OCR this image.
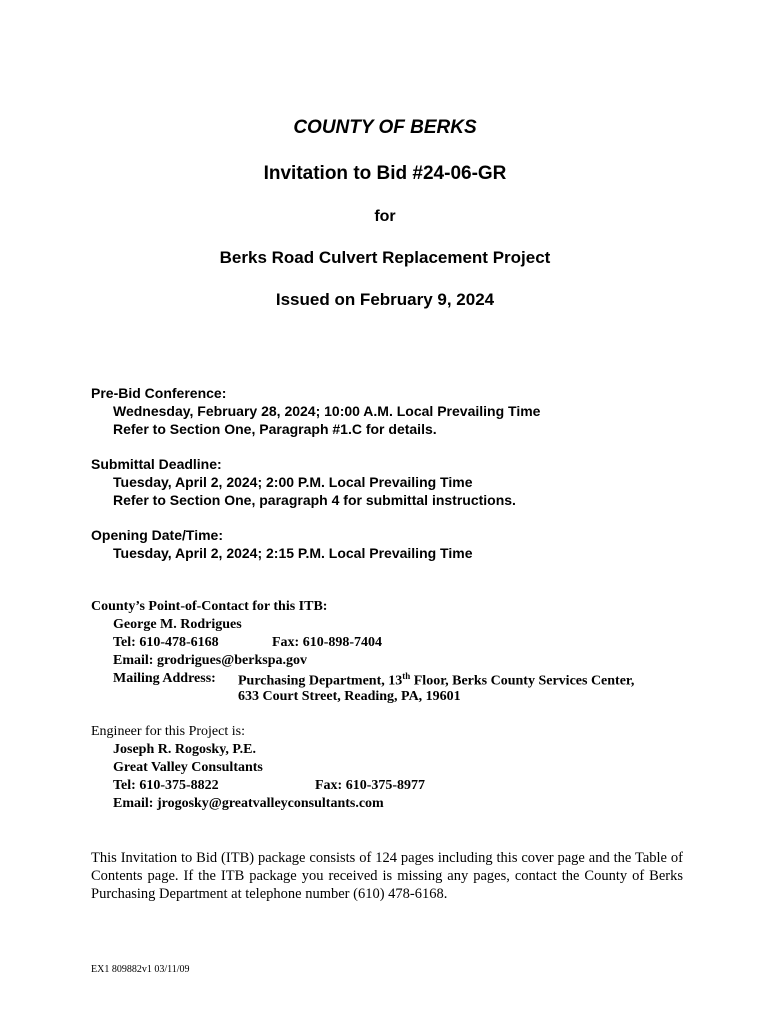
COUNTY OF BERKS
Invitation to Bid #24-06-GR
for
Berks Road Culvert Replacement Project
Issued on February 9, 2024
Pre-Bid Conference:
Wednesday, February 28, 2024; 10:00 A.M. Local Prevailing Time
Refer to Section One, Paragraph #1.C for details.
Submittal Deadline:
Tuesday, April 2, 2024; 2:00 P.M. Local Prevailing Time
Refer to Section One, paragraph 4 for submittal instructions.
Opening Date/Time:
Tuesday, April 2, 2024; 2:15 P.M. Local Prevailing Time
County’s Point-of-Contact for this ITB:
George M. Rodrigues
Tel: 610-478-6168	Fax: 610-898-7404
Email: grodrigues@berkspa.gov
Mailing Address: Purchasing Department, 13th Floor, Berks County Services Center,
633 Court Street, Reading, PA, 19601
Engineer for this Project is:
Joseph R. Rogosky, P.E.
Great Valley Consultants
Tel: 610-375-8822	Fax: 610-375-8977
Email: jrogosky@greatvalleyconsultants.com
This Invitation to Bid (ITB) package consists of 124 pages including this cover page and the Table of Contents page. If the ITB package you received is missing any pages, contact the County of Berks Purchasing Department at telephone number (610) 478-6168.
EX1 809882v1 03/11/09
